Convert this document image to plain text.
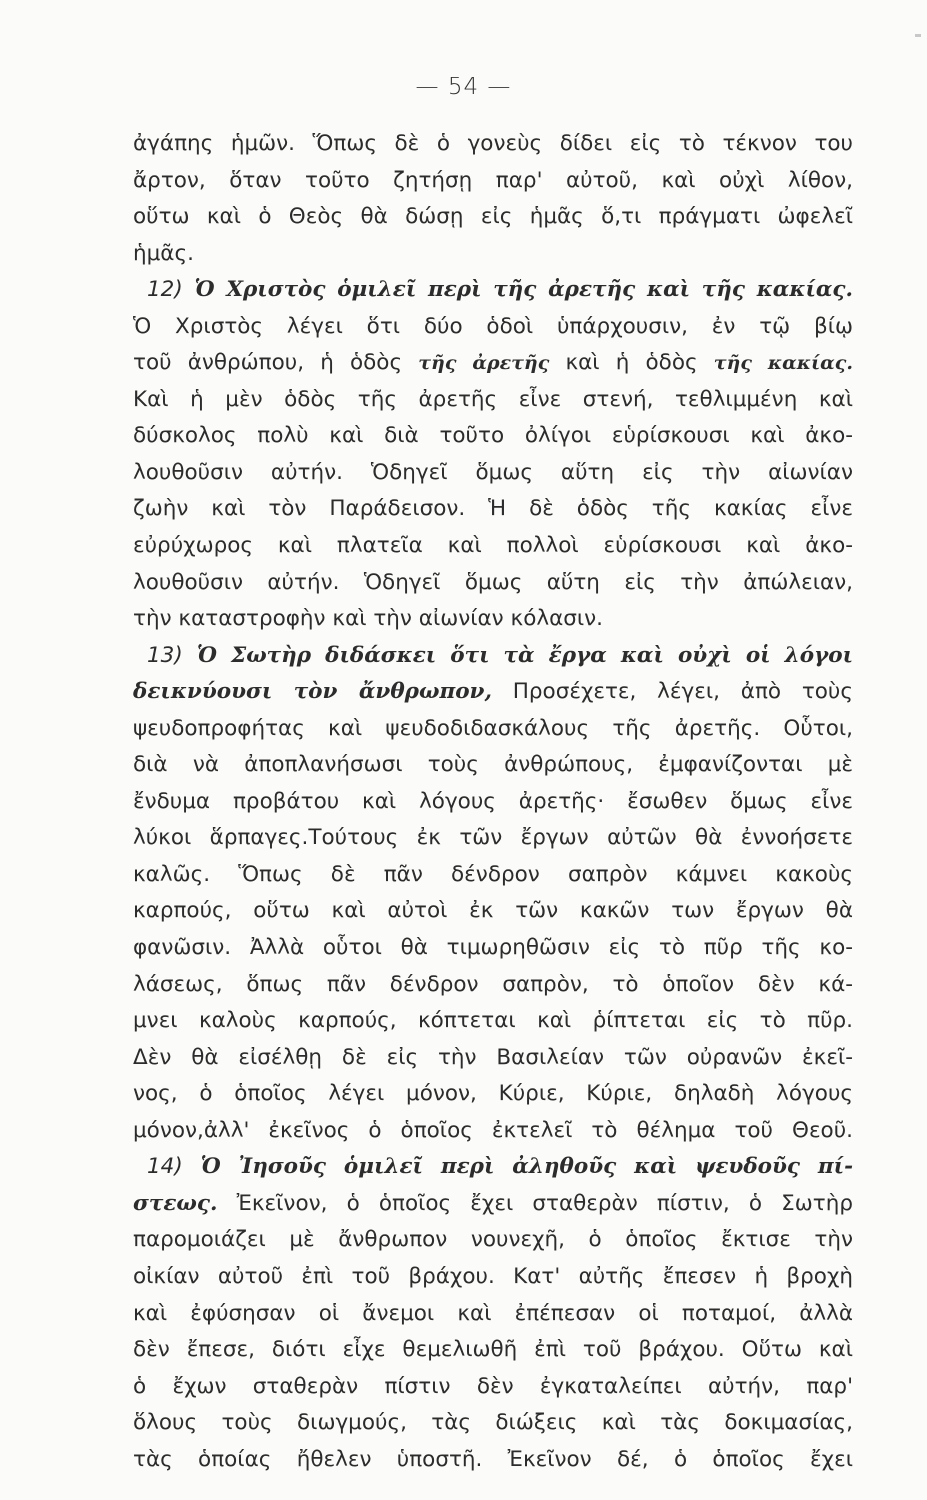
— 54 —
ἀγάπης ἡμῶν. Ὅπως δὲ ὁ γονεὺς δίδει εἰς τὸ τέκνον του
ἄρτον, ὅταν τοῦτο ζητήσῃ παρ' αὐτοῦ, καὶ οὐχὶ λίθον,
οὕτω καὶ ὁ Θεὸς θὰ δώσῃ εἰς ἡμᾶς ὅ,τι πράγματι ὠφελεῖ
ἡμᾶς.
12) Ὁ Χριστὸς ὁμιλεῖ περὶ τῆς ἀρετῆς καὶ τῆς κακίας.
Ὁ Χριστὸς λέγει ὅτι δύο ὁδοὶ ὑπάρχουσιν, ἐν τῷ βίῳ
τοῦ ἀνθρώπου, ἡ ὁδὸς τῆς ἀρετῆς καὶ ἡ ὁδὸς τῆς κακίας.
Καὶ ἡ μὲν ὁδὸς τῆς ἀρετῆς εἶνε στενή, τεθλιμμένη καὶ
δύσκολος πολὺ καὶ διὰ τοῦτο ὀλίγοι εὑρίσκουσι καὶ ἀκο-
λουθοῦσιν αὐτήν. Ὁδηγεῖ ὅμως αὕτη εἰς τὴν αἰωνίαν
ζωὴν καὶ τὸν Παράδεισον. Ἡ δὲ ὁδὸς τῆς κακίας εἶνε
εὐρύχωρος καὶ πλατεῖα καὶ πολλοὶ εὑρίσκουσι καὶ ἀκο-
λουθοῦσιν αὐτήν. Ὁδηγεῖ ὅμως αὕτη εἰς τὴν ἀπώλειαν,
τὴν καταστροφὴν καὶ τὴν αἰωνίαν κόλασιν.
13) Ὁ Σωτὴρ διδάσκει ὅτι τὰ ἔργα καὶ οὐχὶ οἱ λόγοι
δεικνύουσι τὸν ἄνθρωπον, Προσέχετε, λέγει, ἀπὸ τοὺς
ψευδοπροφήτας καὶ ψευδοδιδασκάλους τῆς ἀρετῆς. Οὗτοι,
διὰ νὰ ἀποπλανήσωσι τοὺς ἀνθρώπους, ἐμφανίζονται μὲ
ἔνδυμα προβάτου καὶ λόγους ἀρετῆς· ἔσωθεν ὅμως εἶνε
λύκοι ἅρπαγες.Τούτους ἐκ τῶν ἔργων αὐτῶν θὰ ἐννοήσετε
καλῶς. Ὅπως δὲ πᾶν δένδρον σαπρὸν κάμνει κακοὺς
καρπούς, οὕτω καὶ αὐτοὶ ἐκ τῶν κακῶν των ἔργων θὰ
φανῶσιν. Ἀλλὰ οὗτοι θὰ τιμωρηθῶσιν εἰς τὸ πῦρ τῆς κο-
λάσεως, ὅπως πᾶν δένδρον σαπρὸν, τὸ ὁποῖον δὲν κά-
μνει καλοὺς καρπούς, κόπτεται καὶ ῥίπτεται εἰς τὸ πῦρ.
Δὲν θὰ εἰσέλθῃ δὲ εἰς τὴν Βασιλείαν τῶν οὐρανῶν ἐκεῖ-
νος, ὁ ὁποῖος λέγει μόνον, Κύριε, Κύριε, δηλαδὴ λόγους
μόνον,ἀλλ' ἐκεῖνος ὁ ὁποῖος ἐκτελεῖ τὸ θέλημα τοῦ Θεοῦ.
14) Ὁ Ἰησοῦς ὁμιλεῖ περὶ ἀληθοῦς καὶ ψευδοῦς πί-
στεως. Ἐκεῖνον, ὁ ὁποῖος ἔχει σταθερὰν πίστιν, ὁ Σωτὴρ
παρομοιάζει μὲ ἄνθρωπον νουνεχῆ, ὁ ὁποῖος ἔκτισε τὴν
οἰκίαν αὐτοῦ ἐπὶ τοῦ βράχου. Κατ' αὐτῆς ἔπεσεν ἡ βροχὴ
καὶ ἐφύσησαν οἱ ἄνεμοι καὶ ἐπέπεσαν οἱ ποταμοί, ἀλλὰ
δὲν ἔπεσε, διότι εἶχε θεμελιωθῆ ἐπὶ τοῦ βράχου. Οὕτω καὶ
ὁ ἔχων σταθερὰν πίστιν δὲν ἐγκαταλείπει αὐτήν, παρ'
ὅλους τοὺς διωγμούς, τὰς διώξεις καὶ τὰς δοκιμασίας,
τὰς ὁποίας ἤθελεν ὑποστῆ. Ἐκεῖνον δέ, ὁ ὁποῖος ἔχει
